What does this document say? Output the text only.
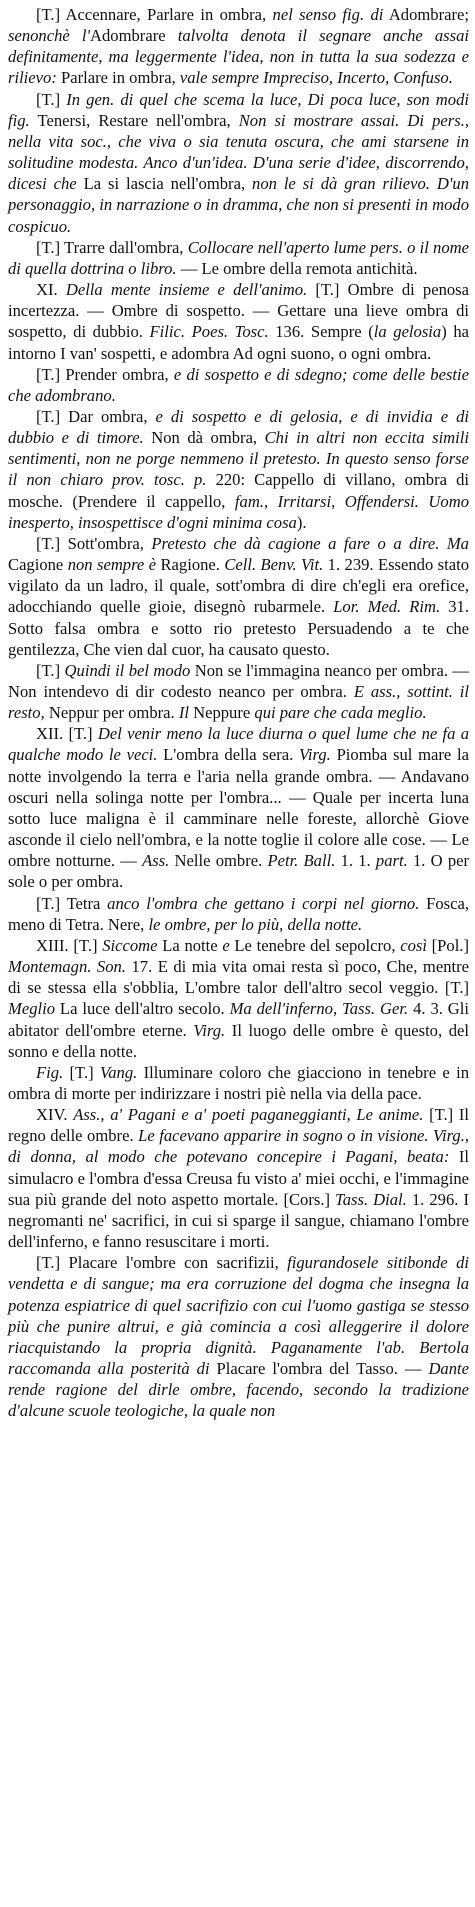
[T.] Accennare, Parlare in ombra, nel senso fig. di Adombrare; senonchè l'Adombrare talvolta denota il segnare anche assai definitamente, ma leggermente l'idea, non in tutta la sua sodezza e rilievo: Parlare in ombra, vale sempre Impreciso, Incerto, Confuso.

[T.] In gen. di quel che scema la luce, Di poca luce, son modi fig. Tenersi, Restare nell'ombra, Non si mostrare assai. Di pers., nella vita soc., che viva o sia tenuta oscura, che ami starsene in solitudine modesta. Anco d'un'idea. D'una serie d'idee, discorrendo, dicesi che La si lascia nell'ombra, non le si dà gran rilievo. D'un personaggio, in narrazione o in dramma, che non si presenti in modo cospicuo.

[T.] Trarre dall'ombra, Collocare nell'aperto lume pers. o il nome di quella dottrina o libro. — Le ombre della remota antichità.

XI. Della mente insieme e dell'animo. [T.] Ombre di penosa incertezza. — Ombre di sospetto. — Gettare una lieve ombra di sospetto, di dubbio. Filic. Poes. Tosc. 136. Sempre (la gelosia) ha intorno I van' sospetti, e adombra Ad ogni suono, o ogni ombra.

[T.] Prender ombra, e di sospetto e di sdegno; come delle bestie che adombrano.

[T.] Dar ombra, e di sospetto e di gelosia, e di invidia e di dubbio e di timore. Non dà ombra, Chi in altri non eccita simili sentimenti, non ne porge nemmeno il pretesto. In questo senso forse il non chiaro prov. tosc. p. 220: Cappello di villano, ombra di mosche. (Prendere il cappello, fam., Irritarsi, Offendersi. Uomo inesperto, insospettisce d'ogni minima cosa).

[T.] Sott'ombra, Pretesto che dà cagione a fare o a dire. Ma Cagione non sempre è Ragione. Cell. Benv. Vit. 1. 239. Essendo stato vigilato da un ladro, il quale, sott'ombra di dire ch'egli era orefice, adocchiando quelle gioie, disegnò rubarmele. Lor. Med. Rim. 31. Sotto falsa ombra e sotto rio pretesto Persuadendo a te che gentilezza, Che vien dal cuor, ha causato questo.

[T.] Quindi il bel modo Non se l'immagina neanco per ombra. — Non intendevo di dir codesto neanco per ombra. E ass., sottint. il resto, Neppur per ombra. Il Neppure qui pare che cada meglio.

XII. [T.] Del venir meno la luce diurna o quel lume che ne fa a qualche modo le veci. L'ombra della sera. Virg. Piomba sul mare la notte involgendo la terra e l'aria nella grande ombra. — Andavano oscuri nella solinga notte per l'ombra... — Quale per incerta luna sotto luce maligna è il camminare nelle foreste, allorchè Giove asconde il cielo nell'ombra, e la notte toglie il colore alle cose. — Le ombre notturne. — Ass. Nelle ombre. Petr. Ball. 1. 1. part. 1. O per sole o per ombra.

[T.] Tetra anco l'ombra che gettano i corpi nel giorno. Fosca, meno di Tetra. Nere, le ombre, per lo più, della notte.

XIII. [T.] Siccome La notte e Le tenebre del sepolcro, così [Pol.] Montemagn. Son. 17. E di mia vita omai resta sì poco, Che, mentre di se stessa ella s'obblia, L'ombre talor dell'altro secol veggio. [T.] Meglio La luce dell'altro secolo. Ma dell'inferno, Tass. Ger. 4. 3. Gli abitator dell'ombre eterne. Virg. Il luogo delle ombre è questo, del sonno e della notte.

Fig. [T.] Vang. Illuminare coloro che giacciono in tenebre e in ombra di morte per indirizzare i nostri piè nella via della pace.

XIV. Ass., a' Pagani e a' poeti paganeggianti, Le anime. [T.] Il regno delle ombre. Le facevano apparire in sogno o in visione. Virg., di donna, al modo che potevano concepire i Pagani, beata: Il simulacro e l'ombra d'essa Creusa fu visto a' miei occhi, e l'immagine sua più grande del noto aspetto mortale. [Cors.] Tass. Dial. 1. 296. I negromanti ne' sacrifici, in cui si sparge il sangue, chiamano l'ombre dell'inferno, e fanno resuscitare i morti.

[T.] Placare l'ombre con sacrifizii, figurandosele sitibonde di vendetta e di sangue; ma era corruzione del dogma che insegna la potenza espiatrice di quel sacrifizio con cui l'uomo gastiga se stesso più che punire altrui, e già comincia a così alleggerire il dolore riacquistando la propria dignità. Paganamente l'ab. Bertola raccomanda alla posterità di Placare l'ombra del Tasso. — Dante rende ragione del dirle ombre, facendo, secondo la tradizione d'alcune scuole teologiche, la quale non
